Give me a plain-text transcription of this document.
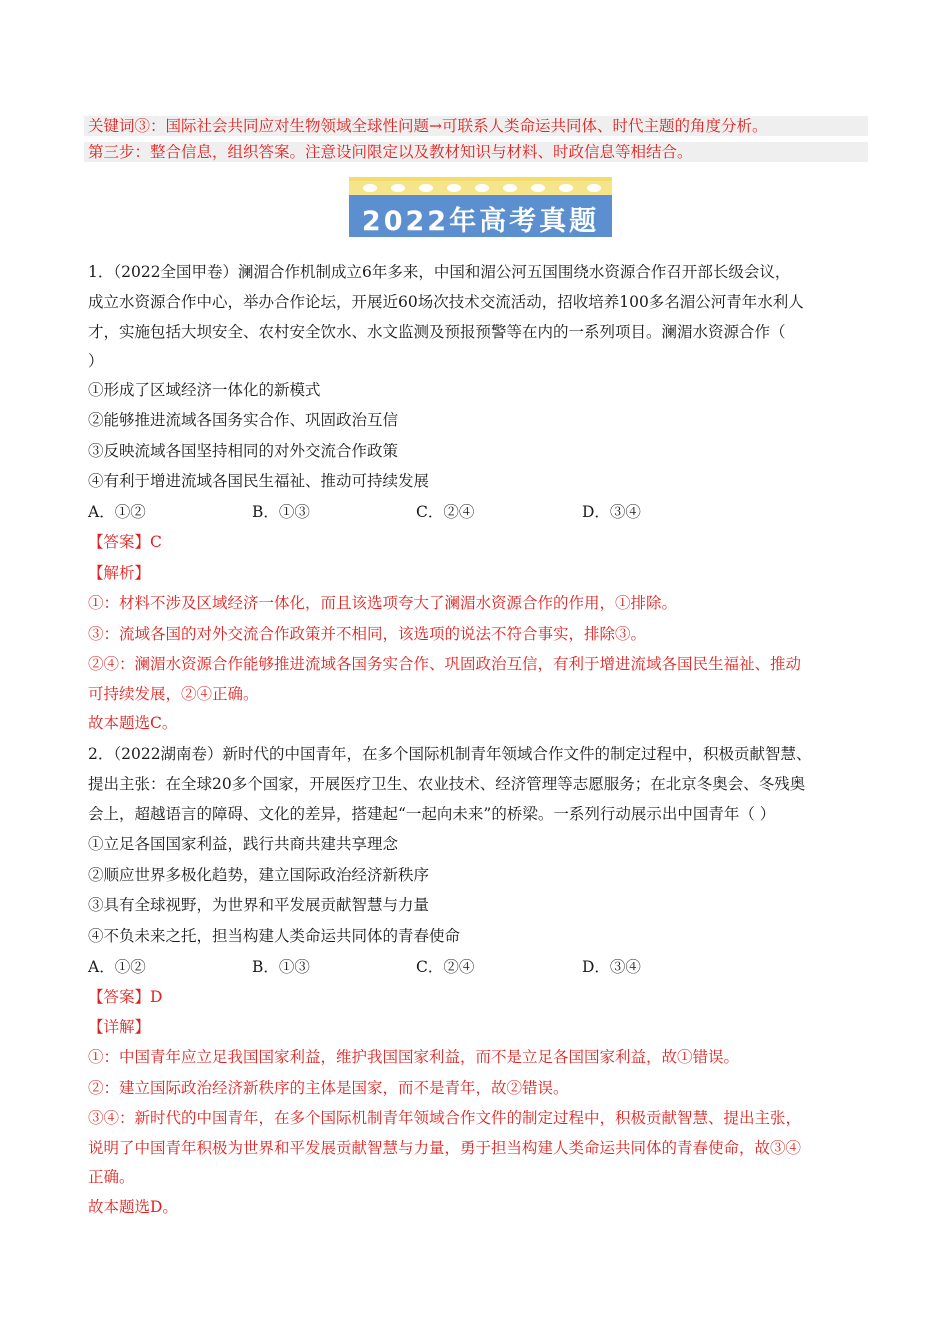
关键词③：国际社会共同应对生物领域全球性问题→可联系人类命运共同体、时代主题的角度分析。
第三步：整合信息，组织答案。注意设问限定以及教材知识与材料、时政信息等相结合。
2022年高考真题
1．（2022全国甲卷）澜湄合作机制成立6年多来，中国和湄公河五国围绕水资源合作召开部长级会议，
成立水资源合作中心，举办合作论坛，开展近60场次技术交流活动，招收培养100多名湄公河青年水利人
才，实施包括大坝安全、农村安全饮水、水文监测及预报预警等在内的一系列项目。澜湄水资源合作（
）
①形成了区域经济一体化的新模式
②能够推进流域各国务实合作、巩固政治互信
③反映流域各国坚持相同的对外交流合作政策
④有利于增进流域各国民生福祉、推动可持续发展
A．①②	B．①③	C．②④	D．③④
【答案】C
【解析】
①：材料不涉及区域经济一体化，而且该选项夸大了澜湄水资源合作的作用，①排除。
③：流域各国的对外交流合作政策并不相同，该选项的说法不符合事实，排除③。
②④：澜湄水资源合作能够推进流域各国务实合作、巩固政治互信，有利于增进流域各国民生福祉、推动
可持续发展，②④正确。
故本题选C。
2．（2022湖南卷）新时代的中国青年，在多个国际机制青年领域合作文件的制定过程中，积极贡献智慧、
提出主张：在全球20多个国家，开展医疗卫生、农业技术、经济管理等志愿服务；在北京冬奥会、冬残奥
会上，超越语言的障碍、文化的差异，搭建起“一起向未来”的桥梁。一系列行动展示出中国青年（ ）
①立足各国国家利益，践行共商共建共享理念
②顺应世界多极化趋势，建立国际政治经济新秩序
③具有全球视野，为世界和平发展贡献智慧与力量
④不负未来之托，担当构建人类命运共同体的青春使命
A．①②	B．①③	C．②④	D．③④
【答案】D
【详解】
①：中国青年应立足我国国家利益，维护我国国家利益，而不是立足各国国家利益，故①错误。
②：建立国际政治经济新秩序的主体是国家，而不是青年，故②错误。
③④：新时代的中国青年，在多个国际机制青年领域合作文件的制定过程中，积极贡献智慧、提出主张，
说明了中国青年积极为世界和平发展贡献智慧与力量，勇于担当构建人类命运共同体的青春使命，故③④
正确。
故本题选D。
